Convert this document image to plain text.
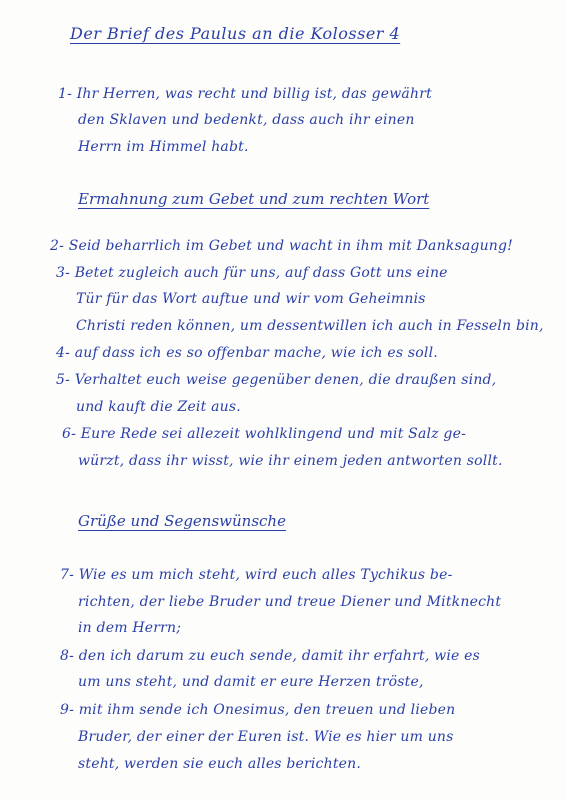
Der Brief des Paulus an die Kolosser 4
1- Ihr Herren, was recht und billig ist, das gewährt
den Sklaven und bedenkt, dass auch ihr einen
Herrn im Himmel habt.
Ermahnung zum Gebet und zum rechten Wort
2- Seid beharrlich im Gebet und wacht in ihm mit Danksagung!
3- Betet zugleich auch für uns, auf dass Gott uns eine
Tür für das Wort auftue und wir vom Geheimnis
Christi reden können, um dessentwillen ich auch in Fesseln bin,
4- auf dass ich es so offenbar mache, wie ich es soll.
5- Verhaltet euch weise gegenüber denen, die draußen sind,
und kauft die Zeit aus.
6- Eure Rede sei allezeit wohlklingend und mit Salz ge-
würzt, dass ihr wisst, wie ihr einem jeden antworten sollt.
Grüße und Segenswünsche
7- Wie es um mich steht, wird euch alles Tychikus be-
richten, der liebe Bruder und treue Diener und Mitknecht
in dem Herrn;
8- den ich darum zu euch sende, damit ihr erfahrt, wie es
um uns steht, und damit er eure Herzen tröste,
9- mit ihm sende ich Onesimus, den treuen und lieben
Bruder, der einer der Euren ist. Wie es hier um uns
steht, werden sie euch alles berichten.
